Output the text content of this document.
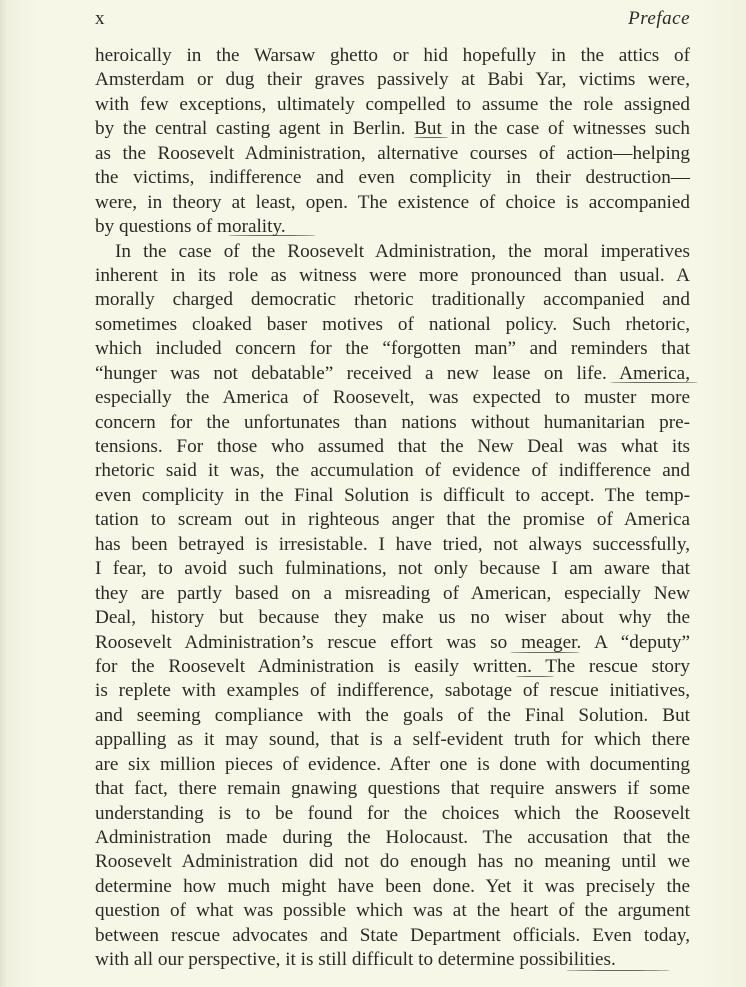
x	Preface
heroically in the Warsaw ghetto or hid hopefully in the attics of
Amsterdam or dug their graves passively at Babi Yar, victims were,
with few exceptions, ultimately compelled to assume the role assigned
by the central casting agent in Berlin. But in the case of witnesses such
as the Roosevelt Administration, alternative courses of action—helping
the victims, indifference and even complicity in their destruction—
were, in theory at least, open. The existence of choice is accompanied
by questions of morality.
In the case of the Roosevelt Administration, the moral imperatives
inherent in its role as witness were more pronounced than usual. A
morally charged democratic rhetoric traditionally accompanied and
sometimes cloaked baser motives of national policy. Such rhetoric,
which included concern for the “forgotten man” and reminders that
“hunger was not debatable” received a new lease on life. America,
especially the America of Roosevelt, was expected to muster more
concern for the unfortunates than nations without humanitarian pre-
tensions. For those who assumed that the New Deal was what its
rhetoric said it was, the accumulation of evidence of indifference and
even complicity in the Final Solution is difficult to accept. The temp-
tation to scream out in righteous anger that the promise of America
has been betrayed is irresistable. I have tried, not always successfully,
I fear, to avoid such fulminations, not only because I am aware that
they are partly based on a misreading of American, especially New
Deal, history but because they make us no wiser about why the
Roosevelt Administration’s rescue effort was so meager. A “deputy”
for the Roosevelt Administration is easily written. The rescue story
is replete with examples of indifference, sabotage of rescue initiatives,
and seeming compliance with the goals of the Final Solution. But
appalling as it may sound, that is a self-evident truth for which there
are six million pieces of evidence. After one is done with documenting
that fact, there remain gnawing questions that require answers if some
understanding is to be found for the choices which the Roosevelt
Administration made during the Holocaust. The accusation that the
Roosevelt Administration did not do enough has no meaning until we
determine how much might have been done. Yet it was precisely the
question of what was possible which was at the heart of the argument
between rescue advocates and State Department officials. Even today,
with all our perspective, it is still difficult to determine possibilities.
